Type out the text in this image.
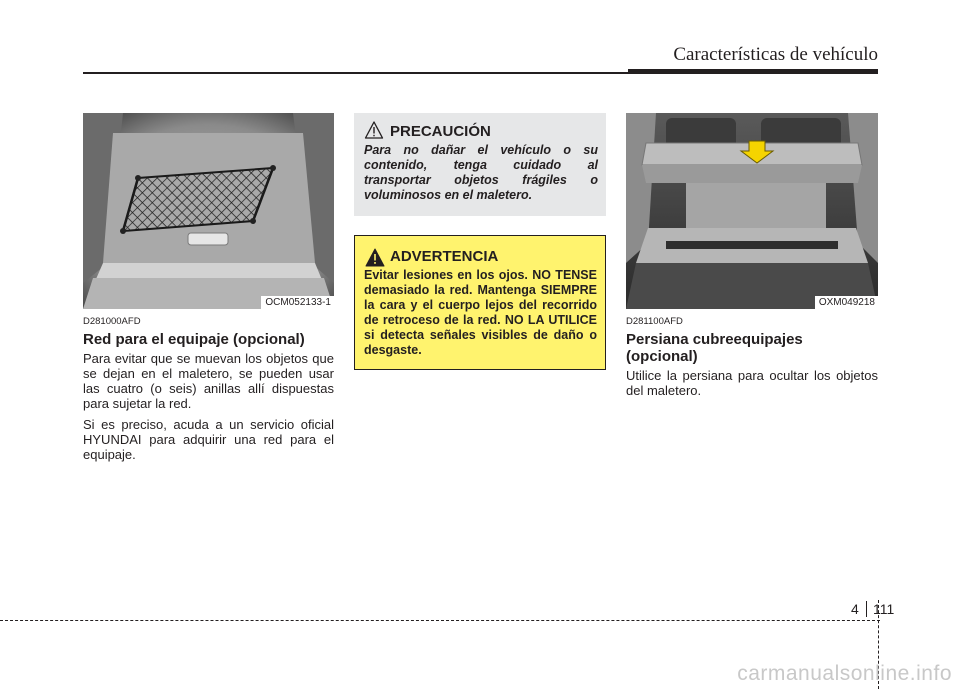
Características de vehículo
OCM052133-1
D281000AFD
Red para el equipaje (opcional)

Para evitar que se muevan los objetos que se dejan en el maletero, se pueden usar las cuatro (o seis) anillas allí dispuestas para sujetar la red.

Si es preciso, acuda a un servicio oficial HYUNDAI para adquirir una red para el equipaje.

PRECAUCIÓN

Para no dañar el vehículo o su contenido, tenga cuidado al transportar objetos frágiles o voluminosos en el maletero.

ADVERTENCIA

Evitar lesiones en los ojos. NO TENSE demasiado la red. Mantenga SIEMPRE la cara y el cuerpo lejos del recorrido de retroceso de la red. NO LA UTILICE si detecta señales visibles de daño o desgaste.

OXM049218
D281100AFD
Persiana cubreequipajes (opcional)

Utilice la persiana para ocultar los objetos del maletero.

4 111
carmanualsonline.info
